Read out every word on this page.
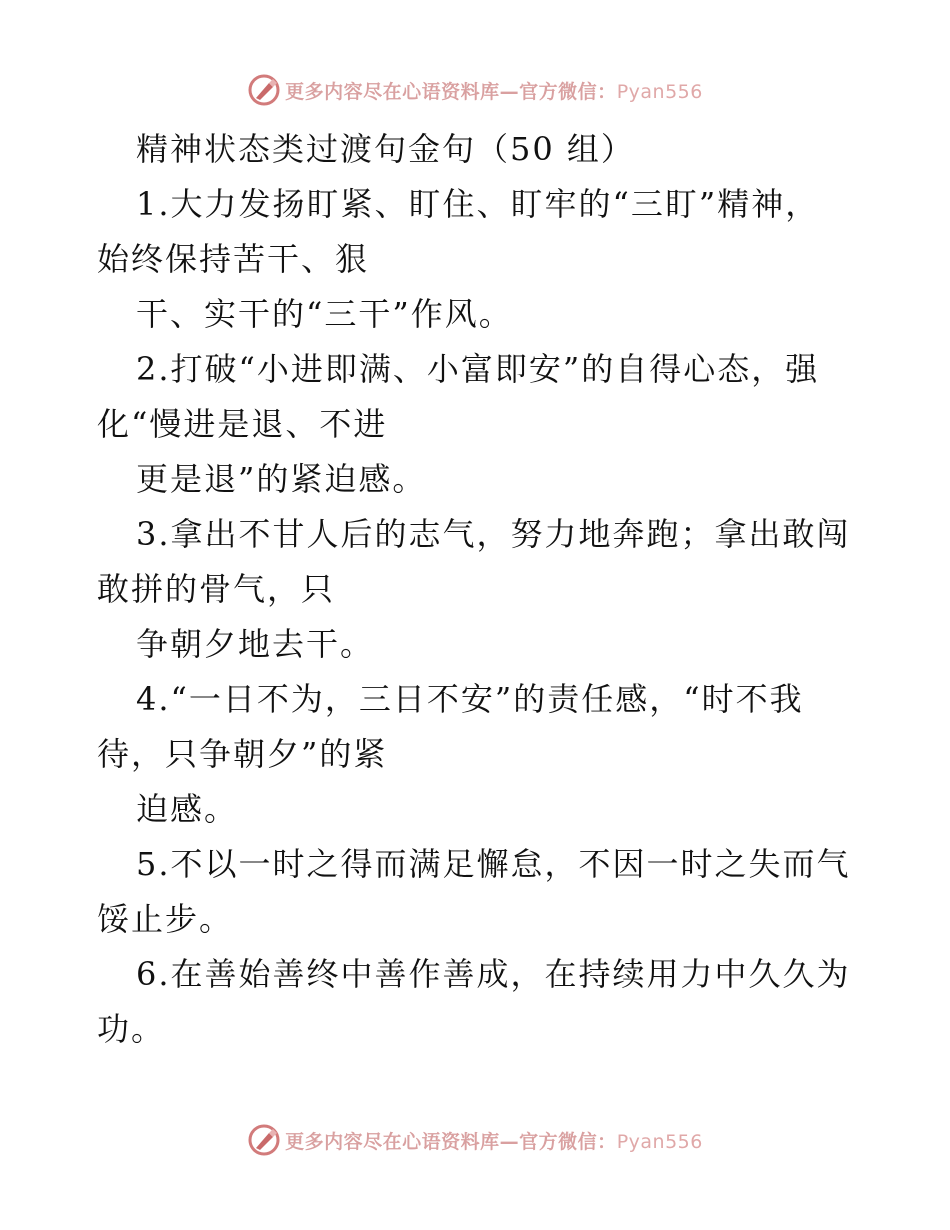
更多内容尽在心语资料库—官方微信：Pyan556
精神状态类过渡句金句（50 组）
1.大力发扬盯紧、盯住、盯牢的“三盯”精神，
始终保持苦干、狠
干、实干的“三干”作风。
2.打破“小进即满、小富即安”的自得心态，强
化“慢进是退、不进
更是退”的紧迫感。
3.拿出不甘人后的志气，努力地奔跑；拿出敢闯
敢拼的骨气，只
争朝夕地去干。
4.“一日不为，三日不安”的责任感，“时不我
待，只争朝夕”的紧
迫感。
5.不以一时之得而满足懈怠，不因一时之失而气
馁止步。
6.在善始善终中善作善成，在持续用力中久久为
功。
更多内容尽在心语资料库—官方微信：Pyan556
